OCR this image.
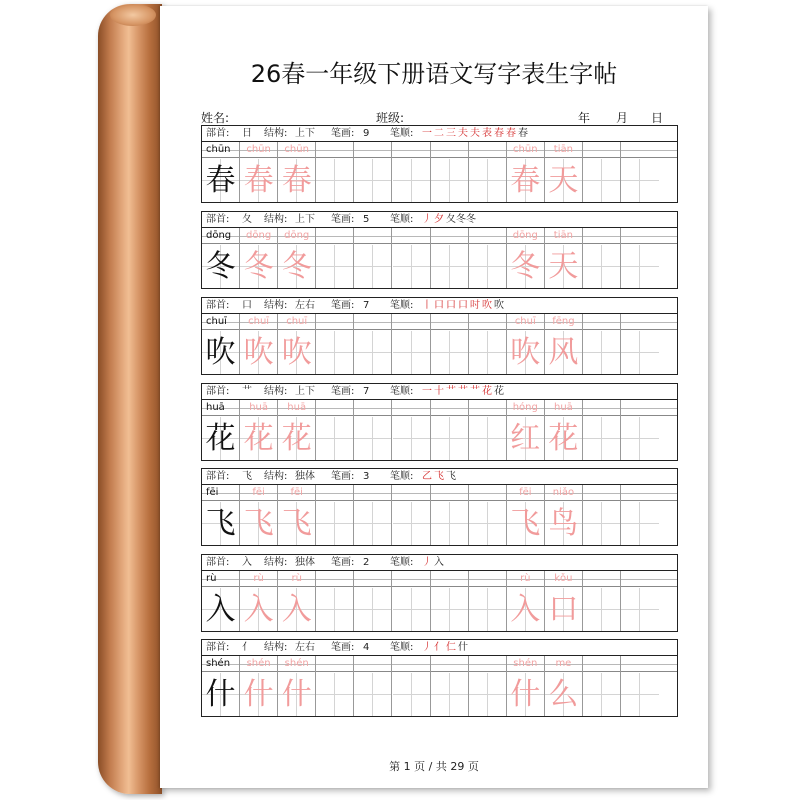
26春一年级下册语文写字表生字帖
姓名:	班级:	年 月 日
部首: 日 结构: 上下 笔画: 9 笔顺: 一 二 三 夫 夫 表 春 春 春
chūn
春
chūn
春
chūn
春
chūn
春
tiān
天
部首: 夂 结构: 上下 笔画: 5 笔顺: 丿 夕 夂冬冬
dōng
冬
dōng
冬
dōng
冬
dōng
冬
tiān
天
部首: 口 结构: 左右 笔画: 7 笔顺: 丨 口 口 口 吋 吹 吹
chuī
吹
chuī
吹
chuī
吹
chuī
吹
fēng
风
部首: 艹 结构: 上下 笔画: 7 笔顺: 一 十 艹 艹 艹 花 花
huā
花
huā
花
huā
花
hóng
红
huā
花
部首: 飞 结构: 独体 笔画: 3 笔顺: 乙 飞 飞
fēi
飞
fēi
飞
fēi
飞
fēi
飞
niǎo
鸟
部首: 入 结构: 独体 笔画: 2 笔顺: 丿 入
rù
入
rù
入
rù
入
rù
入
kǒu
口
部首: 亻 结构: 左右 笔画: 4 笔顺: 丿 亻 仁 什
shén
什
shén
什
shén
什
shén
什
me
么
第 1 页 / 共 29 页
